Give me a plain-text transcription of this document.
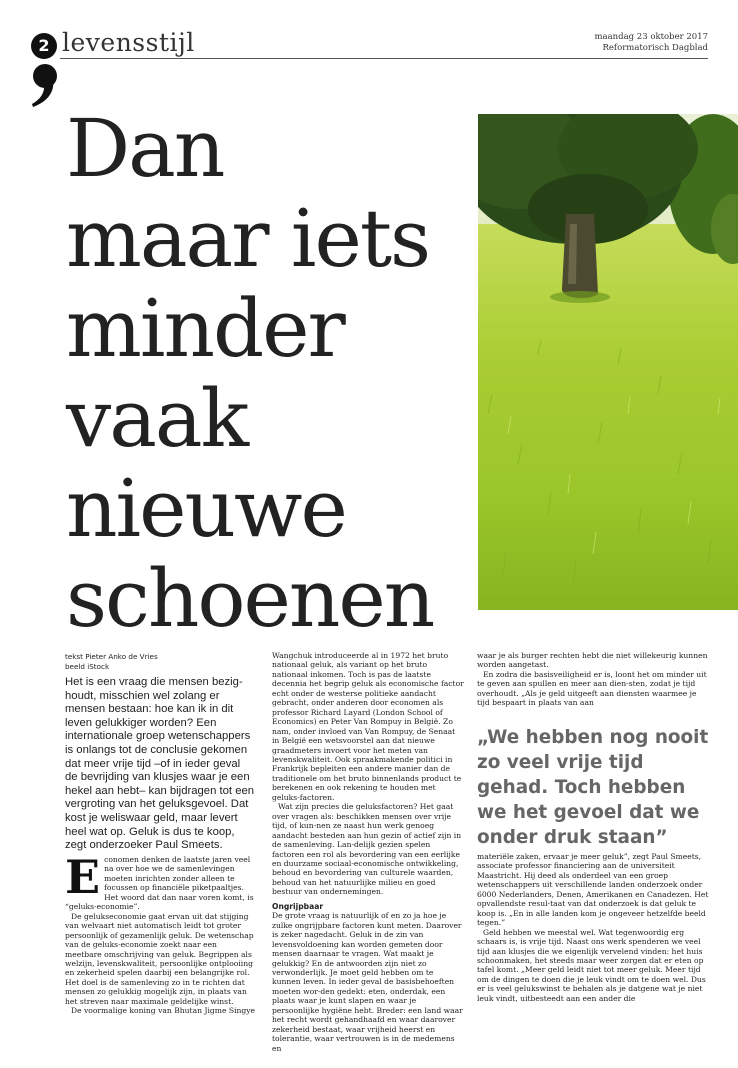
2 levensstijl	maandag 23 oktober 2017
Reformatorisch Dagblad
Dan
maar iets
minder
vaak
nieuwe
schoenen
tekst Pieter Anko de Vries
beeld iStock
Het is een vraag die mensen bezig-houdt, misschien wel zolang er mensen bestaan: hoe kan ik in dit leven gelukkiger worden? Een internationale groep wetenschappers is onlangs tot de conclusie gekomen dat meer vrije tijd –of in ieder geval de bevrijding van klusjes waar je een hekel aan hebt– kan bijdragen tot een vergroting van het geluksgevoel. Dat kost je weliswaar geld, maar levert heel wat op. Geluk is dus te koop, zegt onderzoeker Paul Smeets.

Economen denken de laatste jaren veel na over hoe we de samenlevingen moeten inrichten zonder alleen te focussen op financiële piketpaaltjes. Het woord dat dan naar voren komt, is “geluks-economie”.

De gelukseconomie gaat ervan uit dat stijging van welvaart niet automatisch leidt tot groter persoonlijk of gezamenlijk geluk. De wetenschap van de geluks-economie zoekt naar een meetbare omschrijving van geluk. Begrippen als welzijn, levenskwaliteit, persoonlijke ontplooiing en zekerheid spelen daarbij een belangrijke rol. Het doel is de samenleving zo in te richten dat mensen zo gelukkig mogelijk zijn, in plaats van het streven naar maximale geldelijke winst.

De voormalige koning van Bhutan Jigme Singye

Wangchuk introduceerde al in 1972 het bruto nationaal geluk, als variant op het bruto nationaal inkomen. Toch is pas de laatste decennia het begrip geluk als economische factor echt onder de westerse politieke aandacht gebracht, onder anderen door economen als professor Richard Layard (London School of Economics) en Peter Van Rompuy in België. Zo nam, onder invloed van Van Rompuy, de Senaat in België een wetsvoorstel aan dat nieuwe graadmeters invoert voor het meten van levenskwaliteit. Ook spraakmakende politici in Frankrijk bepleiten een andere manier dan de traditionele om het bruto binnenlands product te berekenen en ook rekening te houden met geluks-factoren.

Wat zijn precies die geluksfactoren? Het gaat over vragen als: beschikken mensen over vrije tijd, of kun-nen ze naast hun werk genoeg aandacht besteden aan hun gezin of actief zijn in de samenleving. Lan-delijk gezien spelen factoren een rol als bevordering van een eerlijke en duurzame sociaal-economische ontwikkeling, behoud en bevordering van culturele waarden, behoud van het natuurlijke milieu en goed bestuur van ondernemingen.

Ongrijpbaar

De grote vraag is natuurlijk of en zo ja hoe je zulke ongrijpbare factoren kunt meten. Daarover is zeker nagedacht. Geluk in de zin van levensvoldoening kan worden gemeten door mensen daarnaar te vragen. Wat maakt je gelukkig? En de antwoorden zijn niet zo verwonderlijk. Je moet geld hebben om te kunnen leven. In ieder geval de basisbehoeften moeten wor-den gedekt: eten, onderdak, een plaats waar je kunt slapen en waar je persoonlijke hygiëne hebt. Breder: een land waar het recht wordt gehandhaafd en waar daarover zekerheid bestaat, waar vrijheid heerst en tolerantie, waar vertrouwen is in de medemens en

waar je als burger rechten hebt die niet willekeurig kunnen worden aangetast.

En zodra die basisveiligheid er is, loont het om minder uit te geven aan spullen en meer aan dien-sten, zodat je tijd overhoudt. „Als je geld uitgeeft aan diensten waarmee je tijd bespaart in plaats van aan

„We hebben nog nooit zo veel vrije tijd gehad. Toch hebben we het gevoel dat we onder druk staan”

materiële zaken, ervaar je meer geluk”, zegt Paul Smeets, associate professor financiering aan de universiteit Maastricht. Hij deed als onderdeel van een groep wetenschappers uit verschillende landen onderzoek onder 6000 Nederlanders, Denen, Amerikanen en Canadezen. Het opvallendste resul-taat van dat onderzoek is dat geluk te koop is. „En in alle landen kom je ongeveer hetzelfde beeld tegen.”

Geld hebben we meestal wel. Wat tegenwoordig erg schaars is, is vrije tijd. Naast ons werk spenderen we veel tijd aan klusjes die we eigenlijk vervelend vinden: het huis schoonmaken, het steeds maar weer zorgen dat er eten op tafel komt. „Meer geld leidt niet tot meer geluk. Meer tijd om de dingen te doen die je leuk vindt om te doen wel. Dus er is veel gelukswinst te behalen als je datgene wat je niet leuk vindt, uitbesteedt aan een ander die
